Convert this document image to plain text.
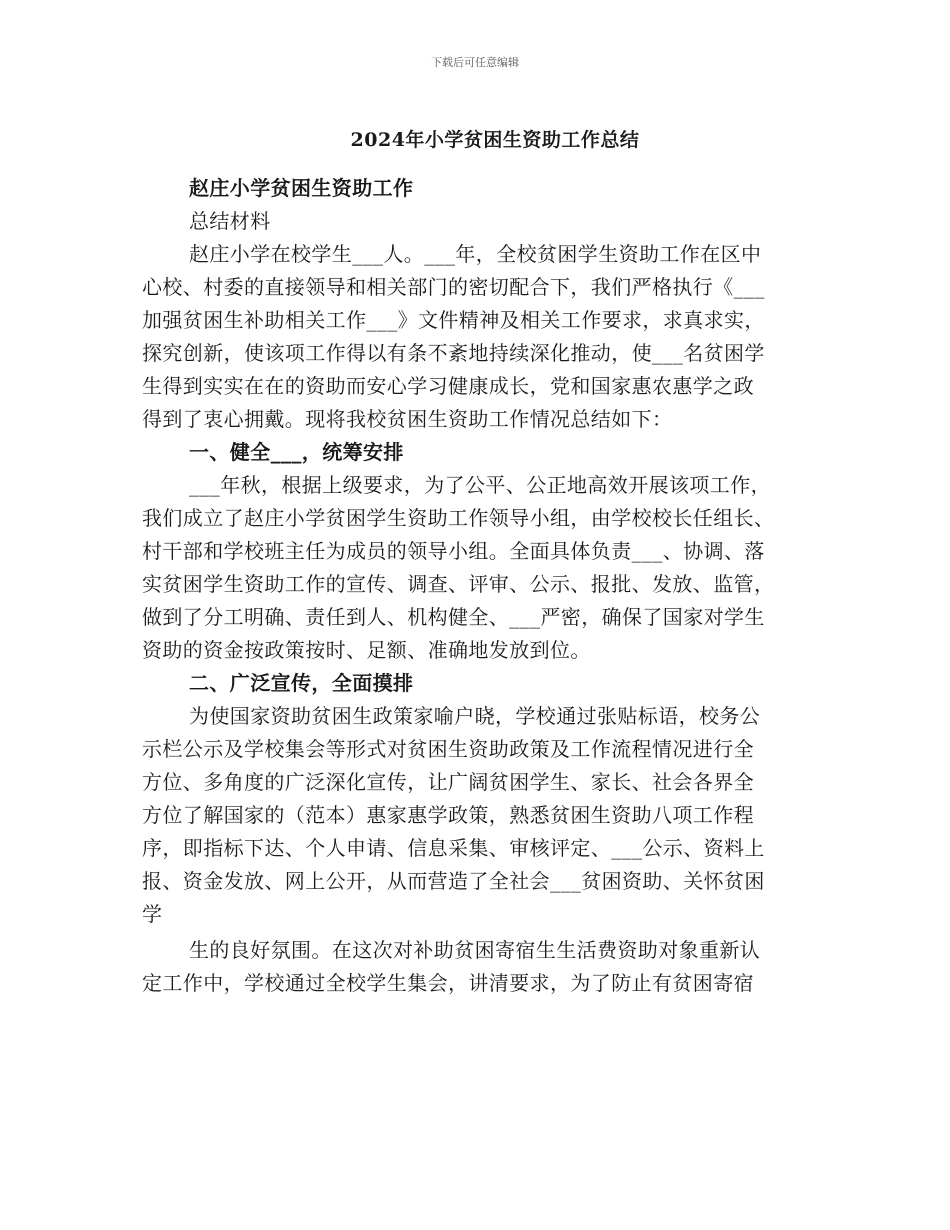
下载后可任意编辑
2024年小学贫困生资助工作总结
赵庄小学贫困生资助工作
总结材料
赵庄小学在校学生___人。___年，全校贫困学生资助工作在区中
心校、村委的直接领导和相关部门的密切配合下，我们严格执行《___
加强贫困生补助相关工作___》文件精神及相关工作要求，求真求实，
探究创新，使该项工作得以有条不紊地持续深化推动，使___名贫困学
生得到实实在在的资助而安心学习健康成长，党和国家惠农惠学之政
得到了衷心拥戴。现将我校贫困生资助工作情况总结如下：
一、健全___，统筹安排
___年秋，根据上级要求，为了公平、公正地高效开展该项工作，
我们成立了赵庄小学贫困学生资助工作领导小组，由学校校长任组长、
村干部和学校班主任为成员的领导小组。全面具体负责___、协调、落
实贫困学生资助工作的宣传、调查、评审、公示、报批、发放、监管，
做到了分工明确、责任到人、机构健全、___严密，确保了国家对学生
资助的资金按政策按时、足额、准确地发放到位。
二、广泛宣传，全面摸排
为使国家资助贫困生政策家喻户晓，学校通过张贴标语，校务公
示栏公示及学校集会等形式对贫困生资助政策及工作流程情况进行全
方位、多角度的广泛深化宣传，让广阔贫困学生、家长、社会各界全
方位了解国家的（范本）惠家惠学政策，熟悉贫困生资助八项工作程
序，即指标下达、个人申请、信息采集、审核评定、___公示、资料上
报、资金发放、网上公开，从而营造了全社会___贫困资助、关怀贫困
学
生的良好氛围。在这次对补助贫困寄宿生生活费资助对象重新认
定工作中，学校通过全校学生集会，讲清要求，为了防止有贫困寄宿
